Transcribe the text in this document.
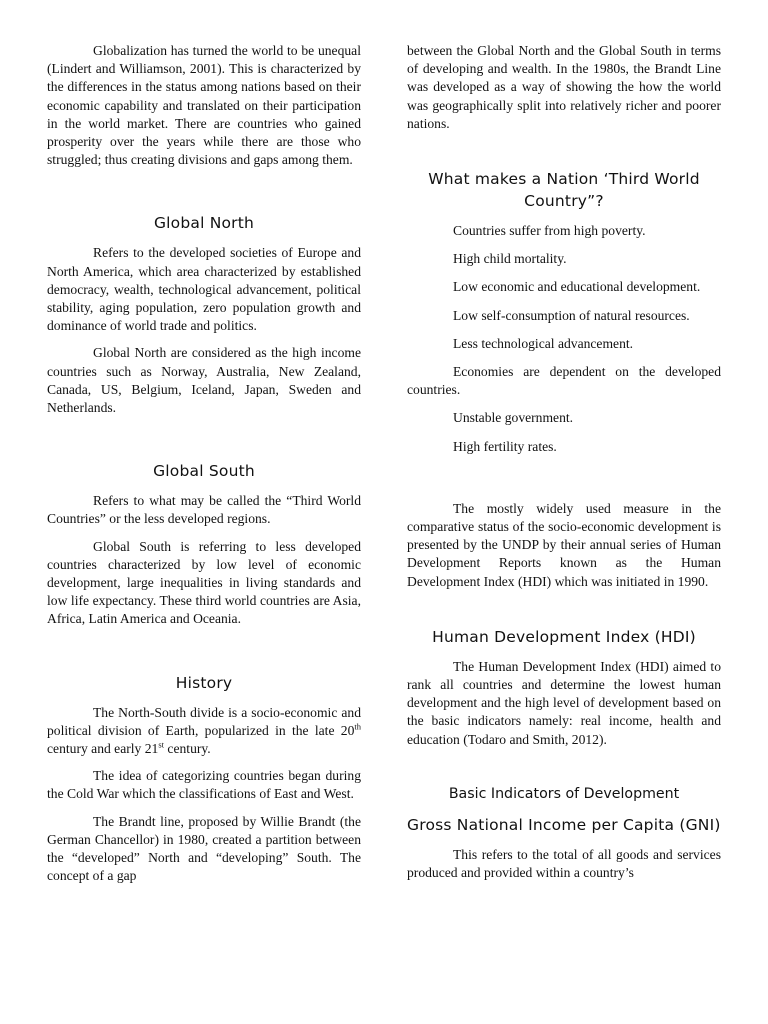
Globalization has turned the world to be unequal (Lindert and Williamson, 2001). This is characterized by the differences in the status among nations based on their economic capability and translated on their participation in the world market. There are countries who gained prosperity over the years while there are those who struggled; thus creating divisions and gaps among them.

Global North

Refers to the developed societies of Europe and North America, which area characterized by established democracy, wealth, technological advancement, political stability, aging population, zero population growth and dominance of world trade and politics.

Global North are considered as the high income countries such as Norway, Australia, New Zealand, Canada, US, Belgium, Iceland, Japan, Sweden and Netherlands.

Global South

Refers to what may be called the “Third World Countries” or the less developed regions.

Global South is referring to less developed countries characterized by low level of economic development, large inequalities in living standards and low life expectancy. These third world countries are Asia, Africa, Latin America and Oceania.

History

The North-South divide is a socio-economic and political division of Earth, popularized in the late 20th century and early 21st century.

The idea of categorizing countries began during the Cold War which the classifications of East and West.

The Brandt line, proposed by Willie Brandt (the German Chancellor) in 1980, created a partition between the “developed” North and “developing” South. The concept of a gap

between the Global North and the Global South in terms of developing and wealth. In the 1980s, the Brandt Line was developed as a way of showing the how the world was geographically split into relatively richer and poorer nations.

What makes a Nation ‘Third World Country”?

Countries suffer from high poverty.

High child mortality.

Low economic and educational development.

Low self-consumption of natural resources.

Less technological advancement.

Economies are dependent on the developed countries.

Unstable government.

High fertility rates.

The mostly widely used measure in the comparative status of the socio-economic development is presented by the UNDP by their annual series of Human Development Reports known as the Human Development Index (HDI) which was initiated in 1990.

Human Development Index (HDI)

The Human Development Index (HDI) aimed to rank all countries and determine the lowest human development and the high level of development based on the basic indicators namely: real income, health and education (Todaro and Smith, 2012).

Basic Indicators of Development
Gross National Income per Capita (GNI)

This refers to the total of all goods and services produced and provided within a country’s
